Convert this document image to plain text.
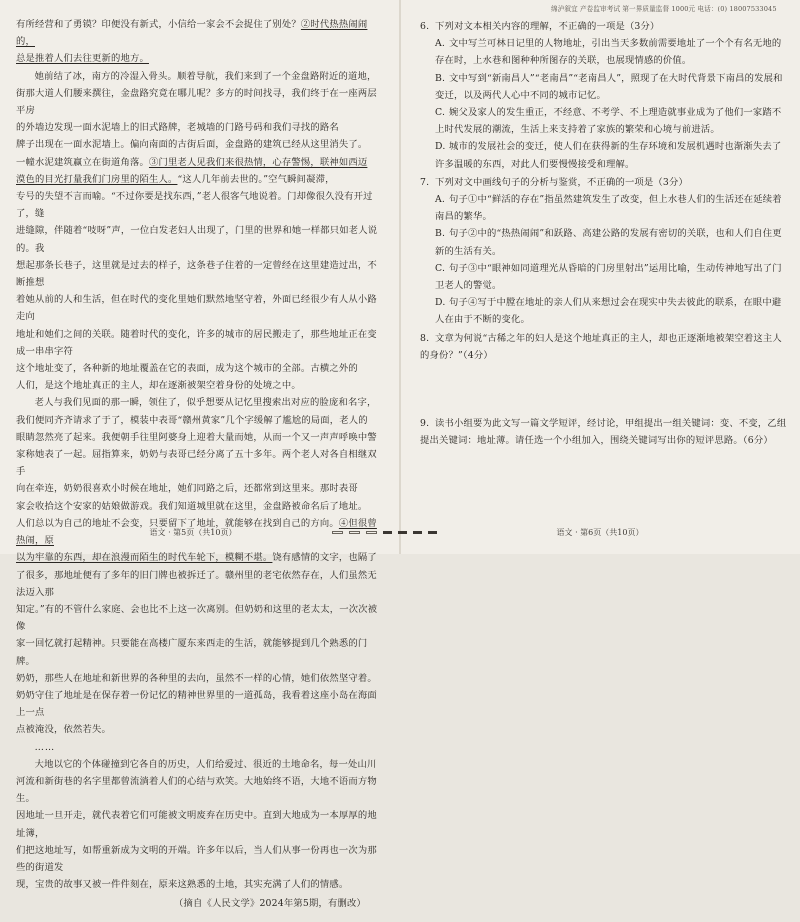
绵泸叙宜 产卷监审考试 第一界质量监督 1000元 电话：(0) 18007533045

有所经营和了勇镆？印便没有新式，小信给一家会不会捉住了别处？②时代热热闹闹的，

总是推着人们去往更新的地方。

她前结了冰，南方的冷湿入骨头。顺着导航，我们来到了一个金盘路附近的道地，

街那大道人们腰来撰往，金盘路究竟在哪儿呢？多方的时间找寻，我们终于在一座两层平房

的外墙边发现一面水泥墙上的旧式路牌，老城墙的门路号码和我们寻找的路名

牌子出现在一面水泥墙上。偏向南面的古街后面，金盘路的建筑已经从这里消失了。

一幢水泥建筑赢立在街道角落。③门里老人见我们来很热情，心存警惕，联神如西迈

漠色的目光打量我们门房里的陌生人。“这人几年前去世的。”空气瞬间凝滞，

专号的失望不言而喻。“不过你要是找东西，”老人很客气地说着。门却像很久没有开过了，缝

进缝隙，伴随着“吱呀”声，一位白发老妇人出现了，门里的世界和她一样都只如老人说的。我

想起那条长巷子，这里就是过去的样子，这条巷子住着的一定曾经在这里建造过出，不断推想

着她从前的人和生活，但在时代的变化里她们默然地坚守着，外面已经很少有人从小路走向

地址和她们之间的关联。随着时代的变化，许多的城市的居民搬走了，那些地址正在变成一串串字符

这个地址变了，各种新的地址覆盖在它的表面，成为这个城市的全部。古横之外的

人们，是这个地址真正的主人，却在逐渐被架空着身份的处境之中。

老人与我们见面的那一瞬，领住了，似乎想要从记忆里搜索出对应的脸庞和名字，

我们便同齐齐请求了于了，模装中表哥“赣州黄家”几个字缓解了尴尬的局面，老人的

眼睛忽然亮了起来。我便朝手往里阿婆身上迎着大量而她，从而一个又一声声呼唤中警

家称她表了一起。屈指算来，奶奶与表哥已经分离了五十多年。两个老人对各自相继双手

向在牵连，奶奶很喜欢小时候在地址，她们同路之后，还都常到这里来。那时表哥

家会收拾这个安家的姑娘做游戏。我们知道城里就在这里，金盘路被命名后了地址。

人们总以为自己的地址不会变，只要留下了地址，就能够在找到自己的方向。④但很曾热闹，原

以为牢靠的东西，却在浪漫而陌生的时代车轮下，模糊不堪。饶有感情的文字，也隔了

了很多，那地址便有了多年的旧门牌也被拆迁了。赣州里的老宅依然存在，人们虽然无法迈入那

知定。”有的不管什么家庭、会也比不上这一次离别。但奶奶和这里的老太太，一次次被像

家一回忆就打起精神。只要能在高楼广厦东来西走的生活，就能够提到几个熟悉的门牌。

奶奶，那些人在地址和新世界的各种里的去向，虽然不一样的心情，她们依然坚守着。

奶奶守住了地址是在保存着一份记忆的精神世界里的一道孤岛，我看着这座小岛在海面上一点

点被淹没，依然若失。

……

大地以它的个体碰撞到它各自的历史，人们给爱过、很近的土地命名，每一处山川

河流和新街巷的名字里都曾流淌着人们的心结与欢笑。大地始终不语，大地不语而方物生。

因地址一旦开走，就代表着它们可能被文明废弃在历史中。直到大地成为一本厚厚的地址簿，

们把这地址写，如帮重新成为文明的开端。许多年以后，当人们从事一份再也一次为那些的街道发

现，宝贵的故事又被一件件刻在，原来这熟悉的土地，其实充满了人们的情感。

（摘自《人民文学》2024年第5期，有删改）

语文 · 第5页（共10页）
6. 下列对文本相关内容的理解，不正确的一项是（3分）
A. 文中写兰可林日记里的人物地址，引出当天多数前需要地址了一个个有名无地的存在时，上水巷和图种种所图存的关联，也展现情感的价值。
B. 文中写到“新南昌人”“老南昌”“老南昌人”，照现了在大时代背景下南昌的发展和变迁，以及两代人心中不同的城市记忆。
C. 婉父及家人的发生重正，不经意、不考学、不上理造就事业成为了他们一家踏不上时代发展的潮流，生活上来支持着了家族的繁荣和心境与前进活。
D. 城市的发展社会的变迁，使人们在获得新的生存环境和发展机遇时也渐渐失去了许多温暖的东西，对此人们要慢慢接受和理解。
7. 下列对文中画线句子的分析与鉴赏，不正确的一项是（3分）
A. 句子①中“鲜活的存在”指虽然建筑发生了改变，但上水巷人们的生活还在延续着南昌的繁华。
B. 句子②中的“热热闹闹”和跃路、高建公路的发展有密切的关联，也和人们自住更新的生活有关。
C. 句子③中“眼神如同道理光从昏暗的门房里射出”运用比喻，生动传神地写出了门卫老人的警觉。
D. 句子④写于中膛在地址的亲人们从来想过会在现实中失去彼此的联系，在眼中避人在由于不断的变化。
8. 文章为何说“古稀之年的妇人是这个地址真正的主人，却也正逐渐地被架空着这主人的身份？”（4分）
9. 读书小组要为此文写一篇文学短评，经讨论，甲组提出一组关键词：变、不变，乙组提出关键词：地址薄。请任选一个小组加入，围绕关键词写出你的短评思路。（6分）
语文 · 第6页（共10页）
